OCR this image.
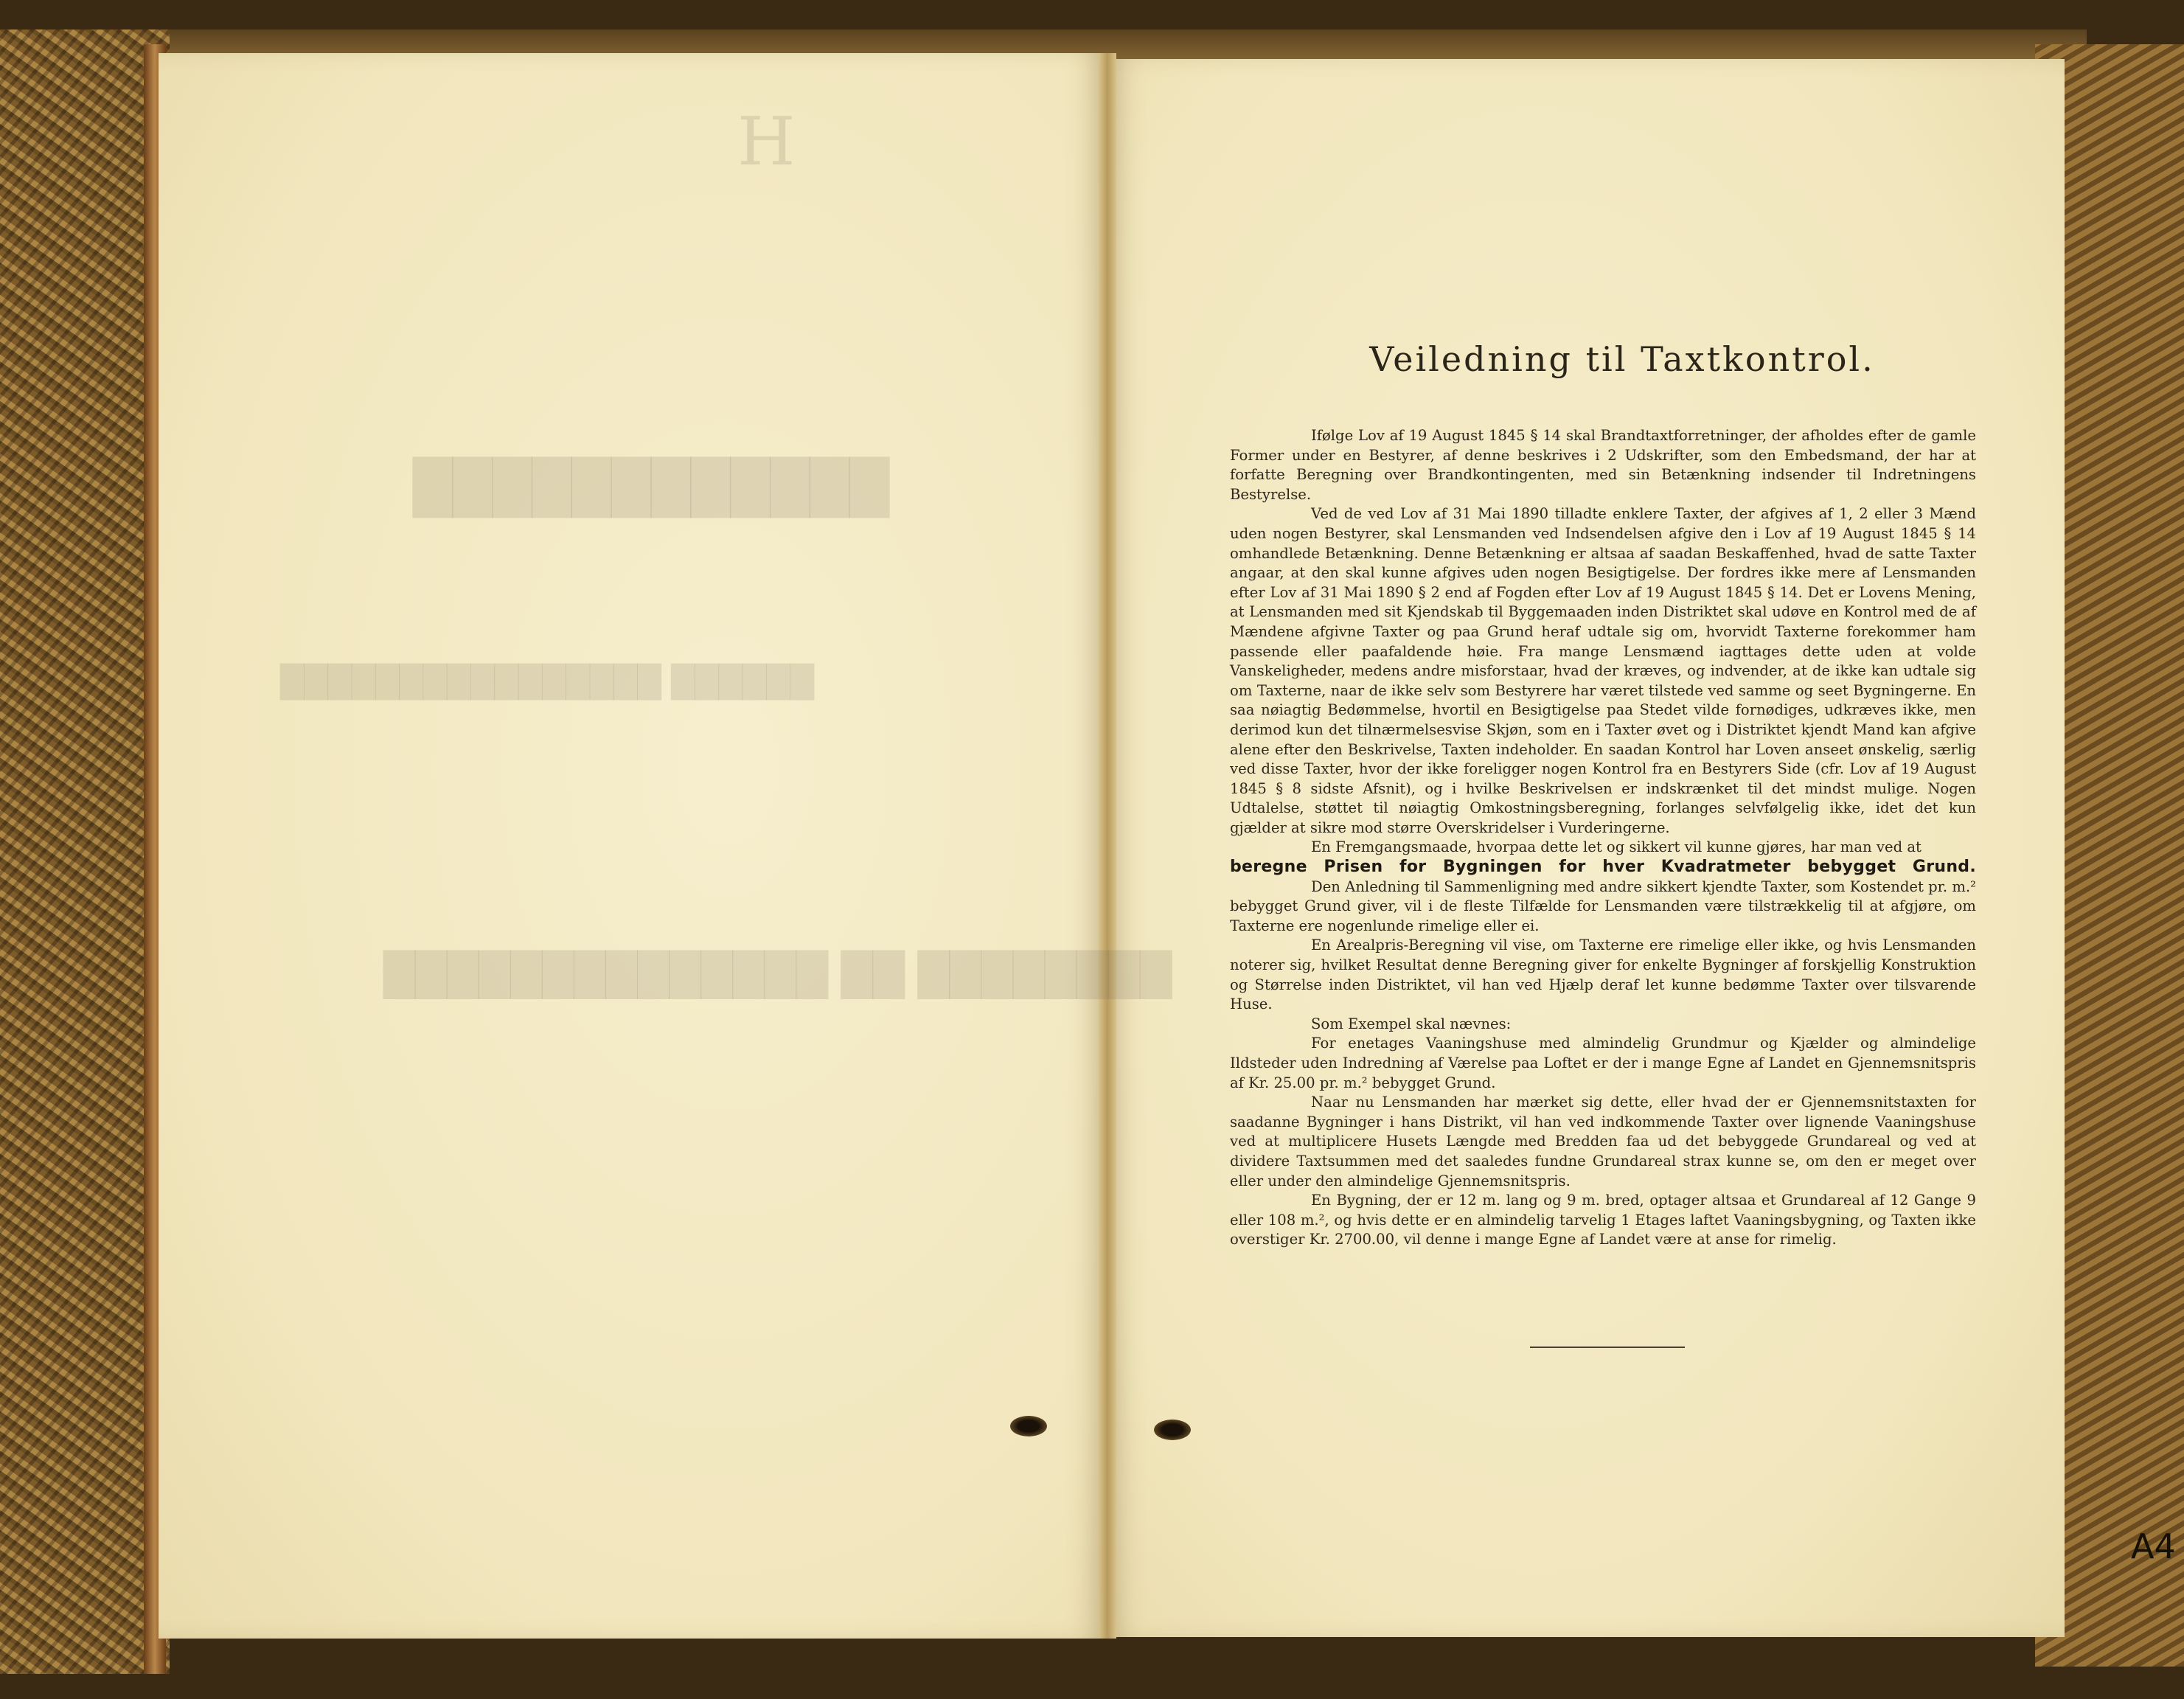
H
████████████
██████ ████████████████
████████ ██ ██████████████
Veiledning til Taxtkontrol.

Ifølge Lov af 19 August 1845 § 14 skal Brandtaxtforretninger, der afholdes efter de gamle Former under en Bestyrer, af denne beskrives i 2 Udskrifter, som den Embedsmand, der har at forfatte Beregning over Brandkontingenten, med sin Betænkning indsender til Indretningens Bestyrelse.

Ved de ved Lov af 31 Mai 1890 tilladte enklere Taxter, der afgives af 1, 2 eller 3 Mænd uden nogen Bestyrer, skal Lensmanden ved Indsendelsen afgive den i Lov af 19 August 1845 § 14 omhandlede Betænkning. Denne Betænkning er altsaa af saadan Beskaffenhed, hvad de satte Taxter angaar, at den skal kunne afgives uden nogen Besigtigelse. Der fordres ikke mere af Lensmanden efter Lov af 31 Mai 1890 § 2 end af Fogden efter Lov af 19 August 1845 § 14. Det er Lovens Mening, at Lensmanden med sit Kjendskab til Byggemaaden inden Distriktet skal udøve en Kontrol med de af Mændene afgivne Taxter og paa Grund heraf udtale sig om, hvorvidt Taxterne forekommer ham passende eller paafaldende høie. Fra mange Lensmænd iagttages dette uden at volde Vanskeligheder, medens andre misforstaar, hvad der kræves, og indvender, at de ikke kan udtale sig om Taxterne, naar de ikke selv som Bestyrere har været tilstede ved samme og seet Bygningerne. En saa nøiagtig Bedømmelse, hvortil en Besigtigelse paa Stedet vilde fornødiges, udkræves ikke, men derimod kun det tilnærmelsesvise Skjøn, som en i Taxter øvet og i Distriktet kjendt Mand kan afgive alene efter den Beskrivelse, Taxten indeholder. En saadan Kontrol har Loven anseet ønskelig, særlig ved disse Taxter, hvor der ikke foreligger nogen Kontrol fra en Bestyrers Side (cfr. Lov af 19 August 1845 § 8 sidste Afsnit), og i hvilke Beskrivelsen er indskrænket til det mindst mulige. Nogen Udtalelse, støttet til nøiagtig Omkostningsberegning, forlanges selvfølgelig ikke, idet det kun gjælder at sikre mod større Overskridelser i Vurderingerne.

En Fremgangsmaade, hvorpaa dette let og sikkert vil kunne gjøres, har man ved at

beregne Prisen for Bygningen for hver Kvadratmeter bebygget Grund.

Den Anledning til Sammenligning med andre sikkert kjendte Taxter, som Kostendet pr. m.² bebygget Grund giver, vil i de fleste Tilfælde for Lensmanden være tilstrækkelig til at afgjøre, om Taxterne ere nogenlunde rimelige eller ei.

En Arealpris-Beregning vil vise, om Taxterne ere rimelige eller ikke, og hvis Lensmanden noterer sig, hvilket Resultat denne Beregning giver for enkelte Bygninger af forskjellig Konstruktion og Størrelse inden Distriktet, vil han ved Hjælp deraf let kunne bedømme Taxter over tilsvarende Huse.

Som Exempel skal nævnes:

For enetages Vaaningshuse med almindelig Grundmur og Kjælder og almindelige Ildsteder uden Indredning af Værelse paa Loftet er der i mange Egne af Landet en Gjennemsnitspris af Kr. 25.00 pr. m.² bebygget Grund.

Naar nu Lensmanden har mærket sig dette, eller hvad der er Gjennemsnitstaxten for saadanne Bygninger i hans Distrikt, vil han ved indkommende Taxter over lignende Vaaningshuse ved at multiplicere Husets Længde med Bredden faa ud det bebyggede Grundareal og ved at dividere Taxtsummen med det saaledes fundne Grundareal strax kunne se, om den er meget over eller under den almindelige Gjennemsnitspris.

En Bygning, der er 12 m. lang og 9 m. bred, optager altsaa et Grundareal af 12 Gange 9 eller 108 m.², og hvis dette er en almindelig tarvelig 1 Etages laftet Vaaningsbygning, og Taxten ikke overstiger Kr. 2700.00, vil denne i mange Egne af Landet være at anse for rimelig.

A4
